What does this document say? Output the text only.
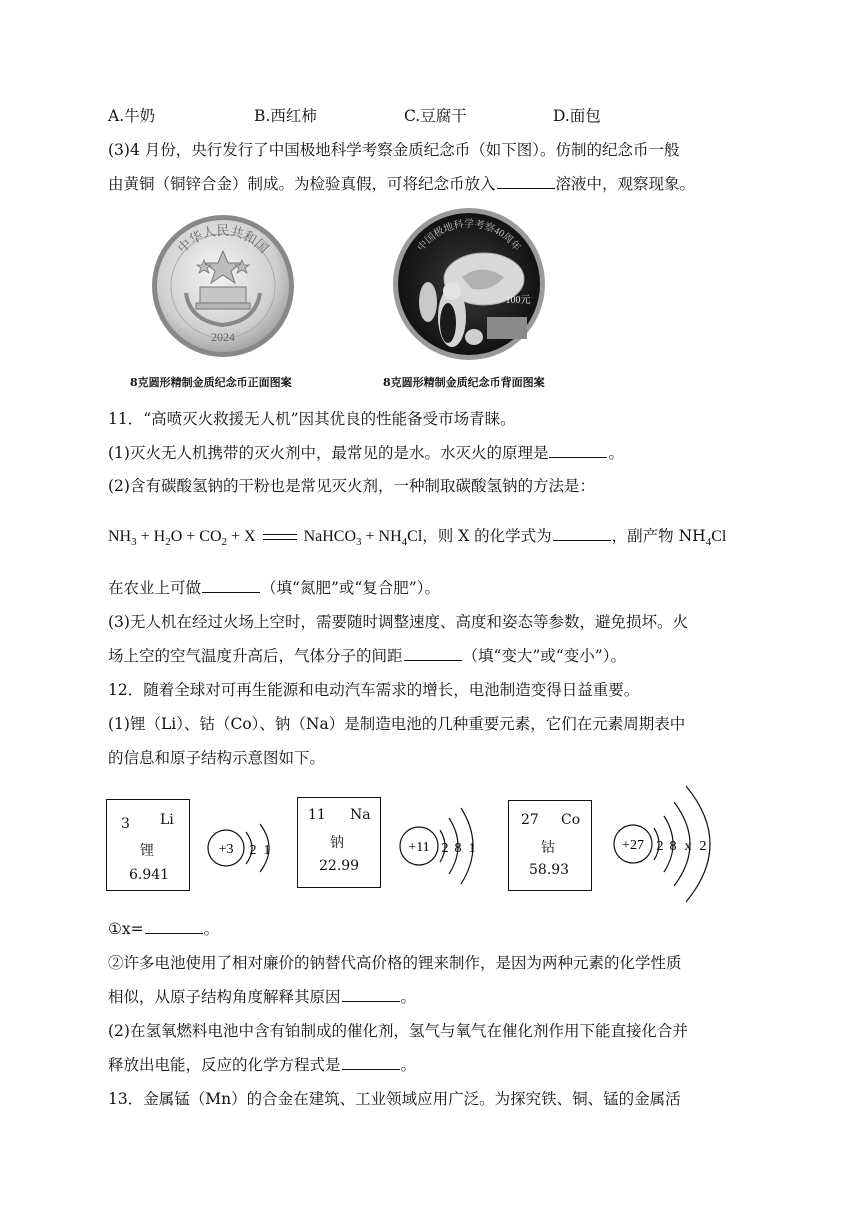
A.牛奶	B.西红柿	C.豆腐干	D.面包
(3)4 月份，央行发行了中国极地科学考察金质纪念币（如下图）。仿制的纪念币一般
由黄铜（铜锌合金）制成。为检验真假，可将纪念币放入	溶液中，观察现象。
中华人民共和国
2024
中国极地科学考察40周年
100元
8克圆形精制金质纪念币正面图案	8克圆形精制金质纪念币背面图案
11．“高喷灭火救援无人机”因其优良的性能备受市场青睐。
(1)灭火无人机携带的灭火剂中，最常见的是水。水灭火的原理是	。
(2)含有碳酸氢钠的干粉也是常见灭火剂，一种制取碳酸氢钠的方法是：
$NH_3 + H_2O + CO_2 + X$	NaHCO$_3$ + $NH_4Cl$，则 X 的化学式为	，副产物 $NH_4Cl$
在农业上可做	（填“氮肥”或“复合肥”）。
(3)无人机在经过火场上空时，需要随时调整速度、高度和姿态等参数，避免损坏。火
场上空的空气温度升高后，气体分子的间距	（填“变大”或“变小”）。
12．随着全球对可再生能源和电动汽车需求的增长，电池制造变得日益重要。
(1)锂（Li）、钴（Co）、钠（Na）是制造电池的几种重要元素，它们在元素周期表中
的信息和原子结构示意图如下。
3 Li
锂
6.941
11 Na
钠
22.99
27 Co
钴
58.93
+3 2 1	+11 2 8 1	+27 2 8 x 2
①x=	。
②许多电池使用了相对廉价的钠替代高价格的锂来制作，是因为两种元素的化学性质
相似，从原子结构角度解释其原因	。
(2)在氢氧燃料电池中含有铂制成的催化剂，氢气与氧气在催化剂作用下能直接化合并
释放出电能，反应的化学方程式是	。
13．金属锰（Mn）的合金在建筑、工业领域应用广泛。为探究铁、铜、锰的金属活
